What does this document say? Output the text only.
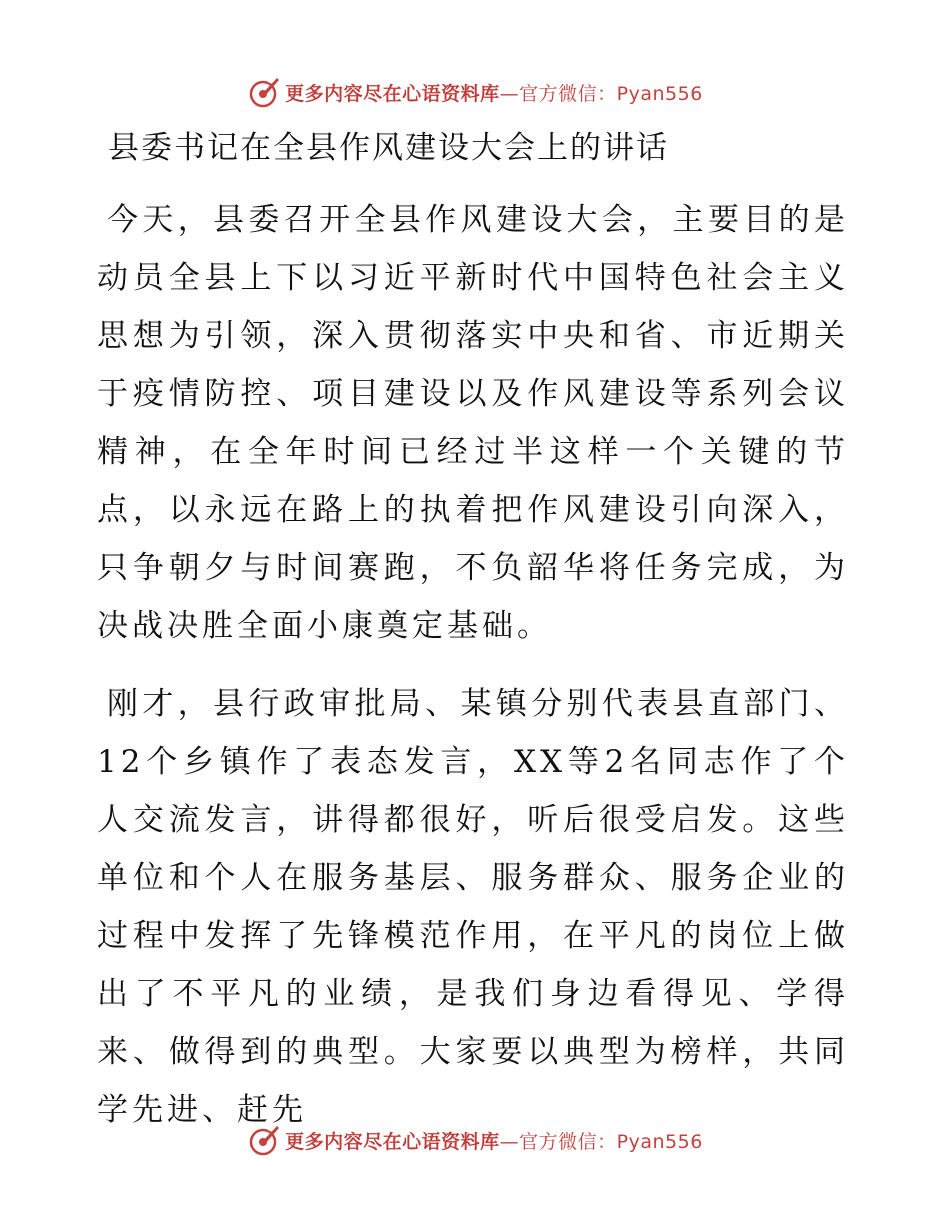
更多内容尽在心语资料库—官方微信：Pyan556
县委书记在全县作风建设大会上的讲话

今天，县委召开全县作风建设大会，主要目的是动员全县上下以习近平新时代中国特色社会主义思想为引领，深入贯彻落实中央和省、市近期关于疫情防控、项目建设以及作风建设等系列会议精神，在全年时间已经过半这样一个关键的节点，以永远在路上的执着把作风建设引向深入，只争朝夕与时间赛跑，不负韶华将任务完成，为决战决胜全面小康奠定基础。

刚才，县行政审批局、某镇分别代表县直部门、12个乡镇作了表态发言，XX等2名同志作了个人交流发言，讲得都很好，听后很受启发。这些单位和个人在服务基层、服务群众、服务企业的过程中发挥了先锋模范作用，在平凡的岗位上做出了不平凡的业绩，是我们身边看得见、学得来、做得到的典型。大家要以典型为榜样，共同学先进、赶先

更多内容尽在心语资料库—官方微信：Pyan556
